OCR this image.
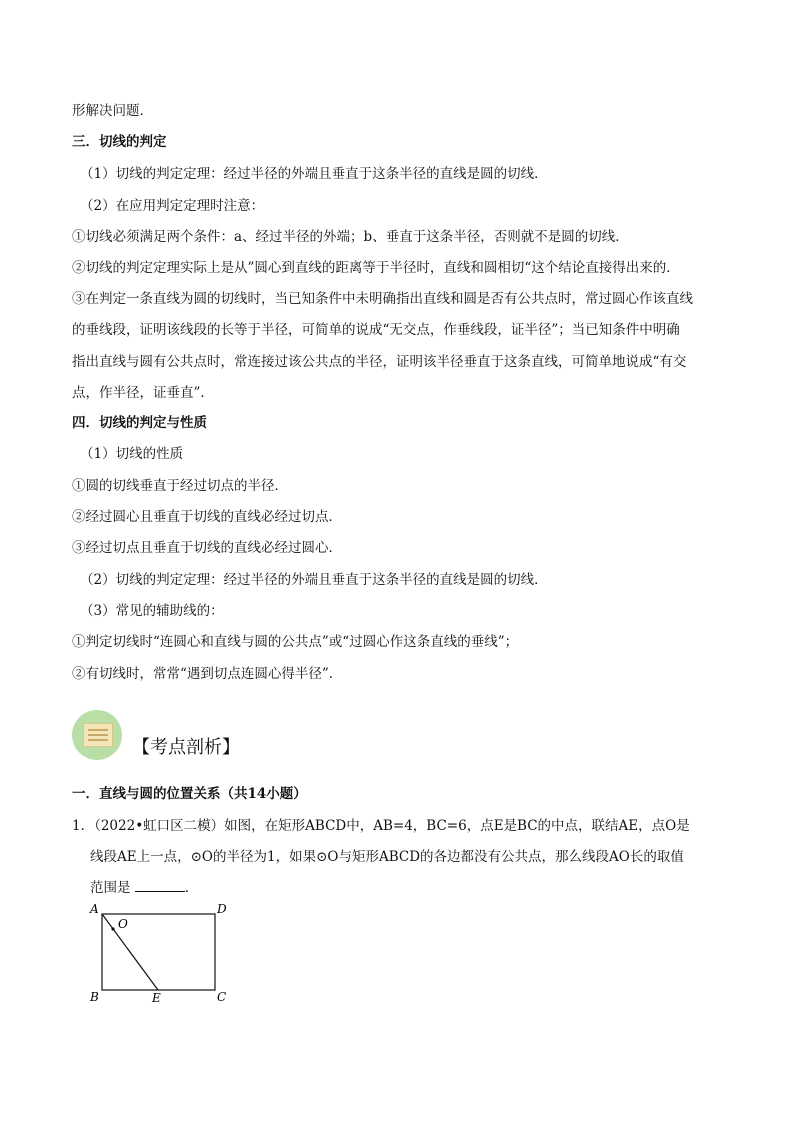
形解决问题．
三．切线的判定
（1）切线的判定定理：经过半径的外端且垂直于这条半径的直线是圆的切线．
（2）在应用判定定理时注意：
①切线必须满足两个条件：a、经过半径的外端；b、垂直于这条半径，否则就不是圆的切线．
②切线的判定定理实际上是从”圆心到直线的距离等于半径时，直线和圆相切“这个结论直接得出来的．
③在判定一条直线为圆的切线时，当已知条件中未明确指出直线和圆是否有公共点时，常过圆心作该直线
的垂线段，证明该线段的长等于半径，可简单的说成“无交点，作垂线段，证半径”；当已知条件中明确
指出直线与圆有公共点时，常连接过该公共点的半径，证明该半径垂直于这条直线，可简单地说成“有交
点，作半径，证垂直”．
四．切线的判定与性质
（1）切线的性质
①圆的切线垂直于经过切点的半径．
②经过圆心且垂直于切线的直线必经过切点．
③经过切点且垂直于切线的直线必经过圆心．
（2）切线的判定定理：经过半径的外端且垂直于这条半径的直线是圆的切线．
（3）常见的辅助线的：
①判定切线时“连圆心和直线与圆的公共点”或“过圆心作这条直线的垂线”；
②有切线时，常常“遇到切点连圆心得半径”．
【考点剖析】
一．直线与圆的位置关系（共14小题）
1．（2022•虹口区二模）如图，在矩形ABCD中，AB=4，BC=6，点E是BC的中点，联结AE，点O是
线段AE上一点，⊙O的半径为1，如果⊙O与矩形ABCD的各边都没有公共点，那么线段AO长的取值
范围是	．
A	D
B	C
E
O
